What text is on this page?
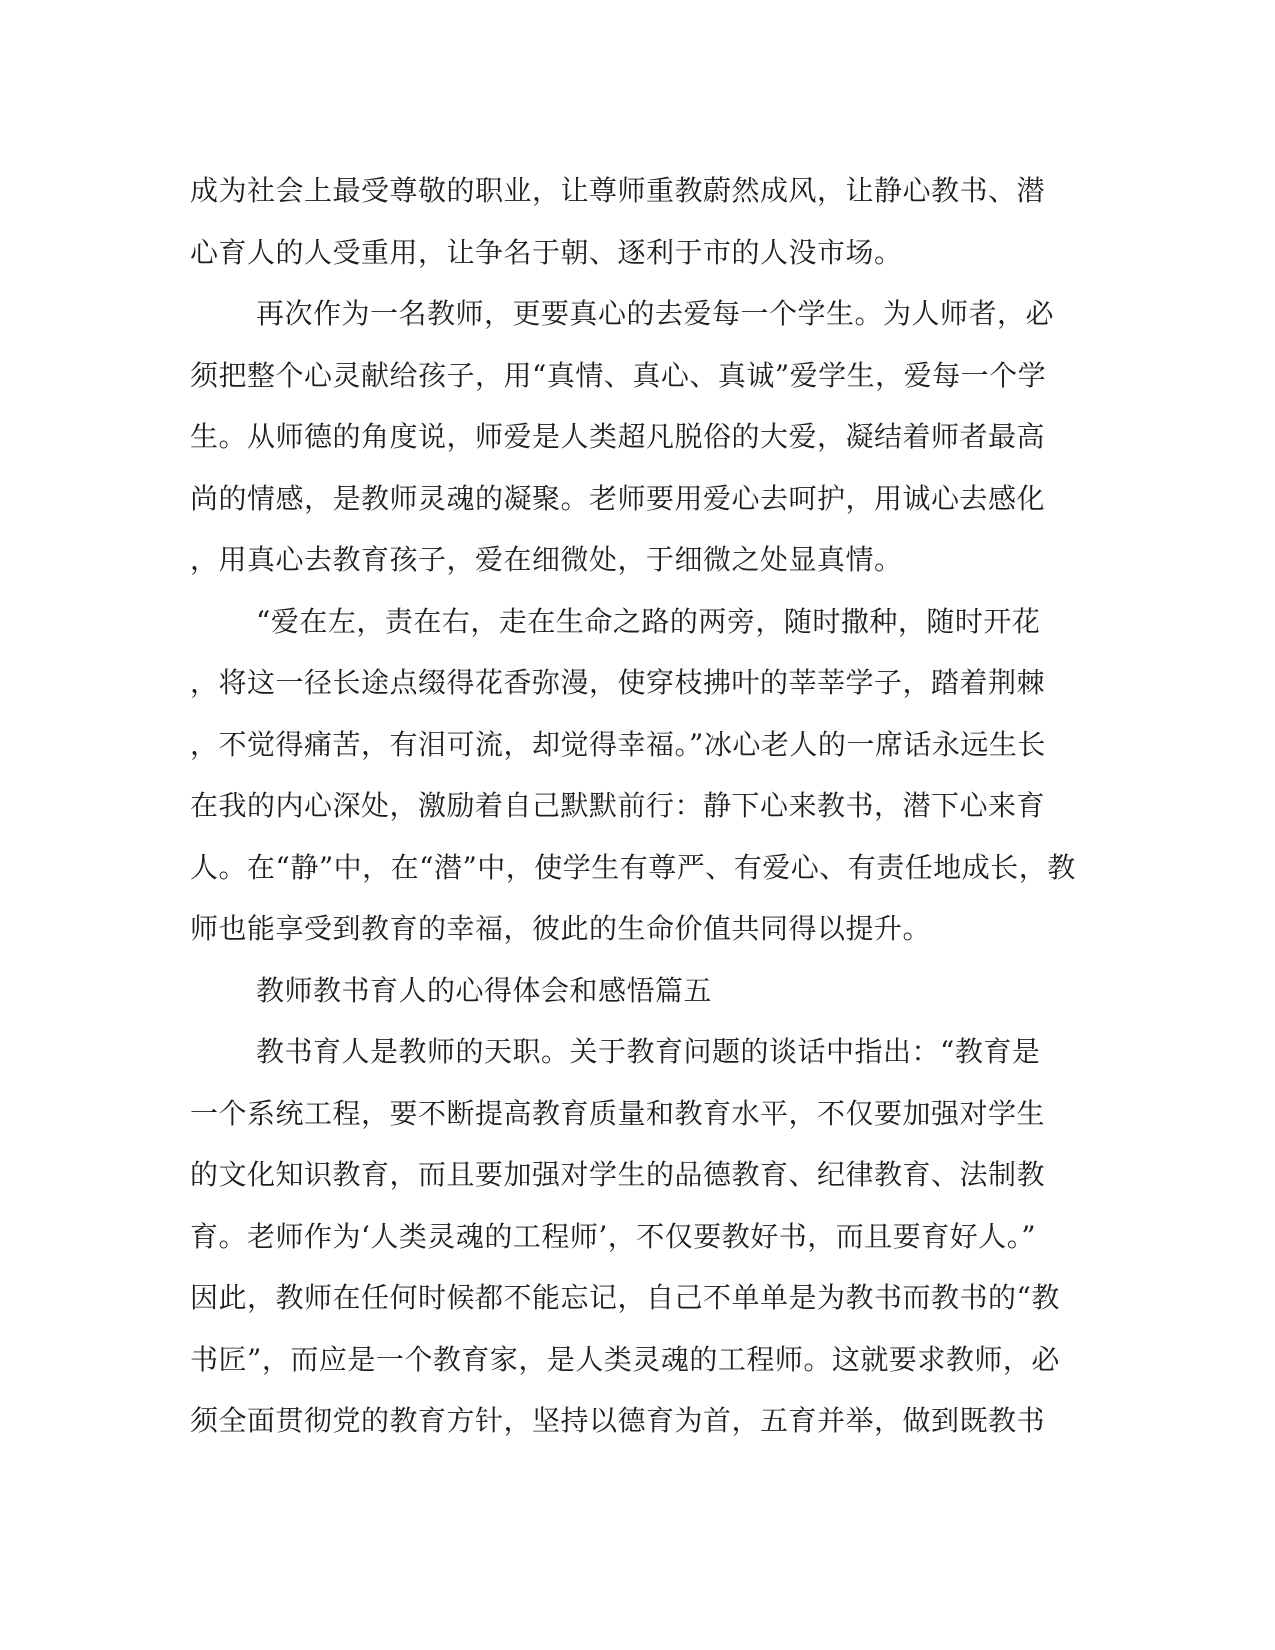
成为社会上最受尊敬的职业，让尊师重教蔚然成风，让静心教书、潜
心育人的人受重用，让争名于朝、逐利于市的人没市场。
再次作为一名教师，更要真心的去爱每一个学生。为人师者，必
须把整个心灵献给孩子，用“真情、真心、真诚”爱学生，爱每一个学
生。从师德的角度说，师爱是人类超凡脱俗的大爱，凝结着师者最高
尚的情感，是教师灵魂的凝聚。老师要用爱心去呵护，用诚心去感化
，用真心去教育孩子，爱在细微处，于细微之处显真情。
“爱在左，责在右，走在生命之路的两旁，随时撒种，随时开花
，将这一径长途点缀得花香弥漫，使穿枝拂叶的莘莘学子，踏着荆棘
，不觉得痛苦，有泪可流，却觉得幸福。”冰心老人的一席话永远生长
在我的内心深处，激励着自己默默前行：静下心来教书，潜下心来育
人。在“静”中，在“潜”中，使学生有尊严、有爱心、有责任地成长，教
师也能享受到教育的幸福，彼此的生命价值共同得以提升。
教师教书育人的心得体会和感悟篇五
教书育人是教师的天职。关于教育问题的谈话中指出：“教育是
一个系统工程，要不断提高教育质量和教育水平，不仅要加强对学生
的文化知识教育，而且要加强对学生的品德教育、纪律教育、法制教
育。老师作为‘人类灵魂的工程师’，不仅要教好书，而且要育好人。”
因此，教师在任何时候都不能忘记，自己不单单是为教书而教书的“教
书匠”，而应是一个教育家，是人类灵魂的工程师。这就要求教师，必
须全面贯彻党的教育方针，坚持以德育为首，五育并举，做到既教书
